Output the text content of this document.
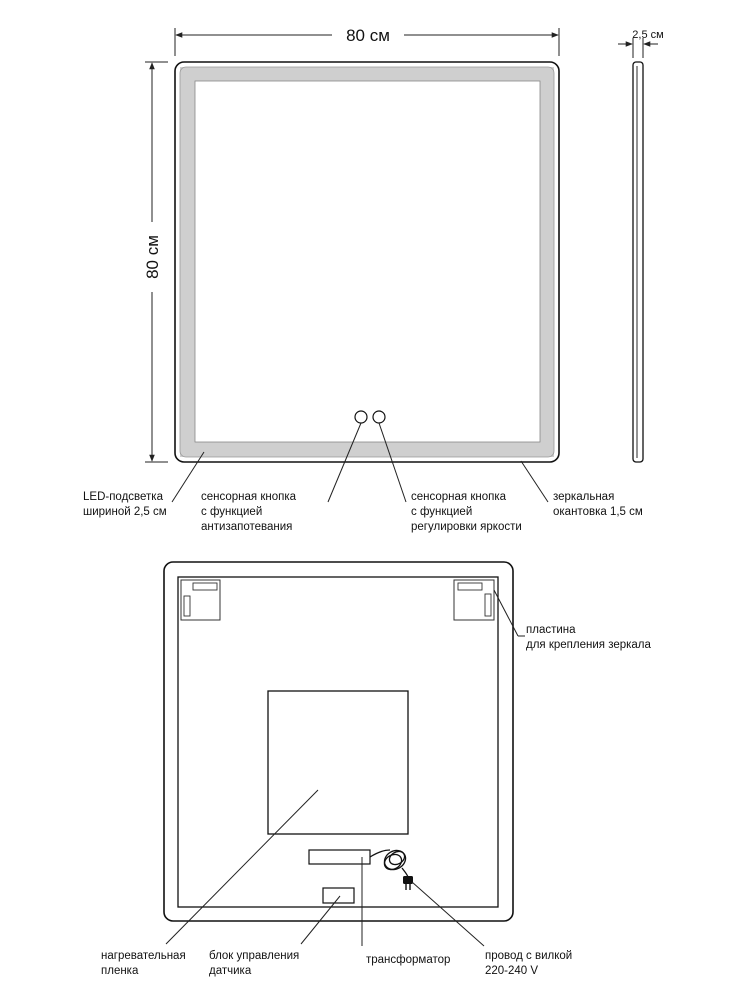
80 см
80 см
2,5 см
LED-подсветка шириной 2,5 см
сенсорная кнопка с функцией антизапотевания
сенсорная кнопка с функцией регулировки яркости
зеркальная окантовка 1,5 см
пластина для крепления зеркала
нагревательная пленка
блок управления датчика
трансформатор	провод с вилкой 220-240 V
